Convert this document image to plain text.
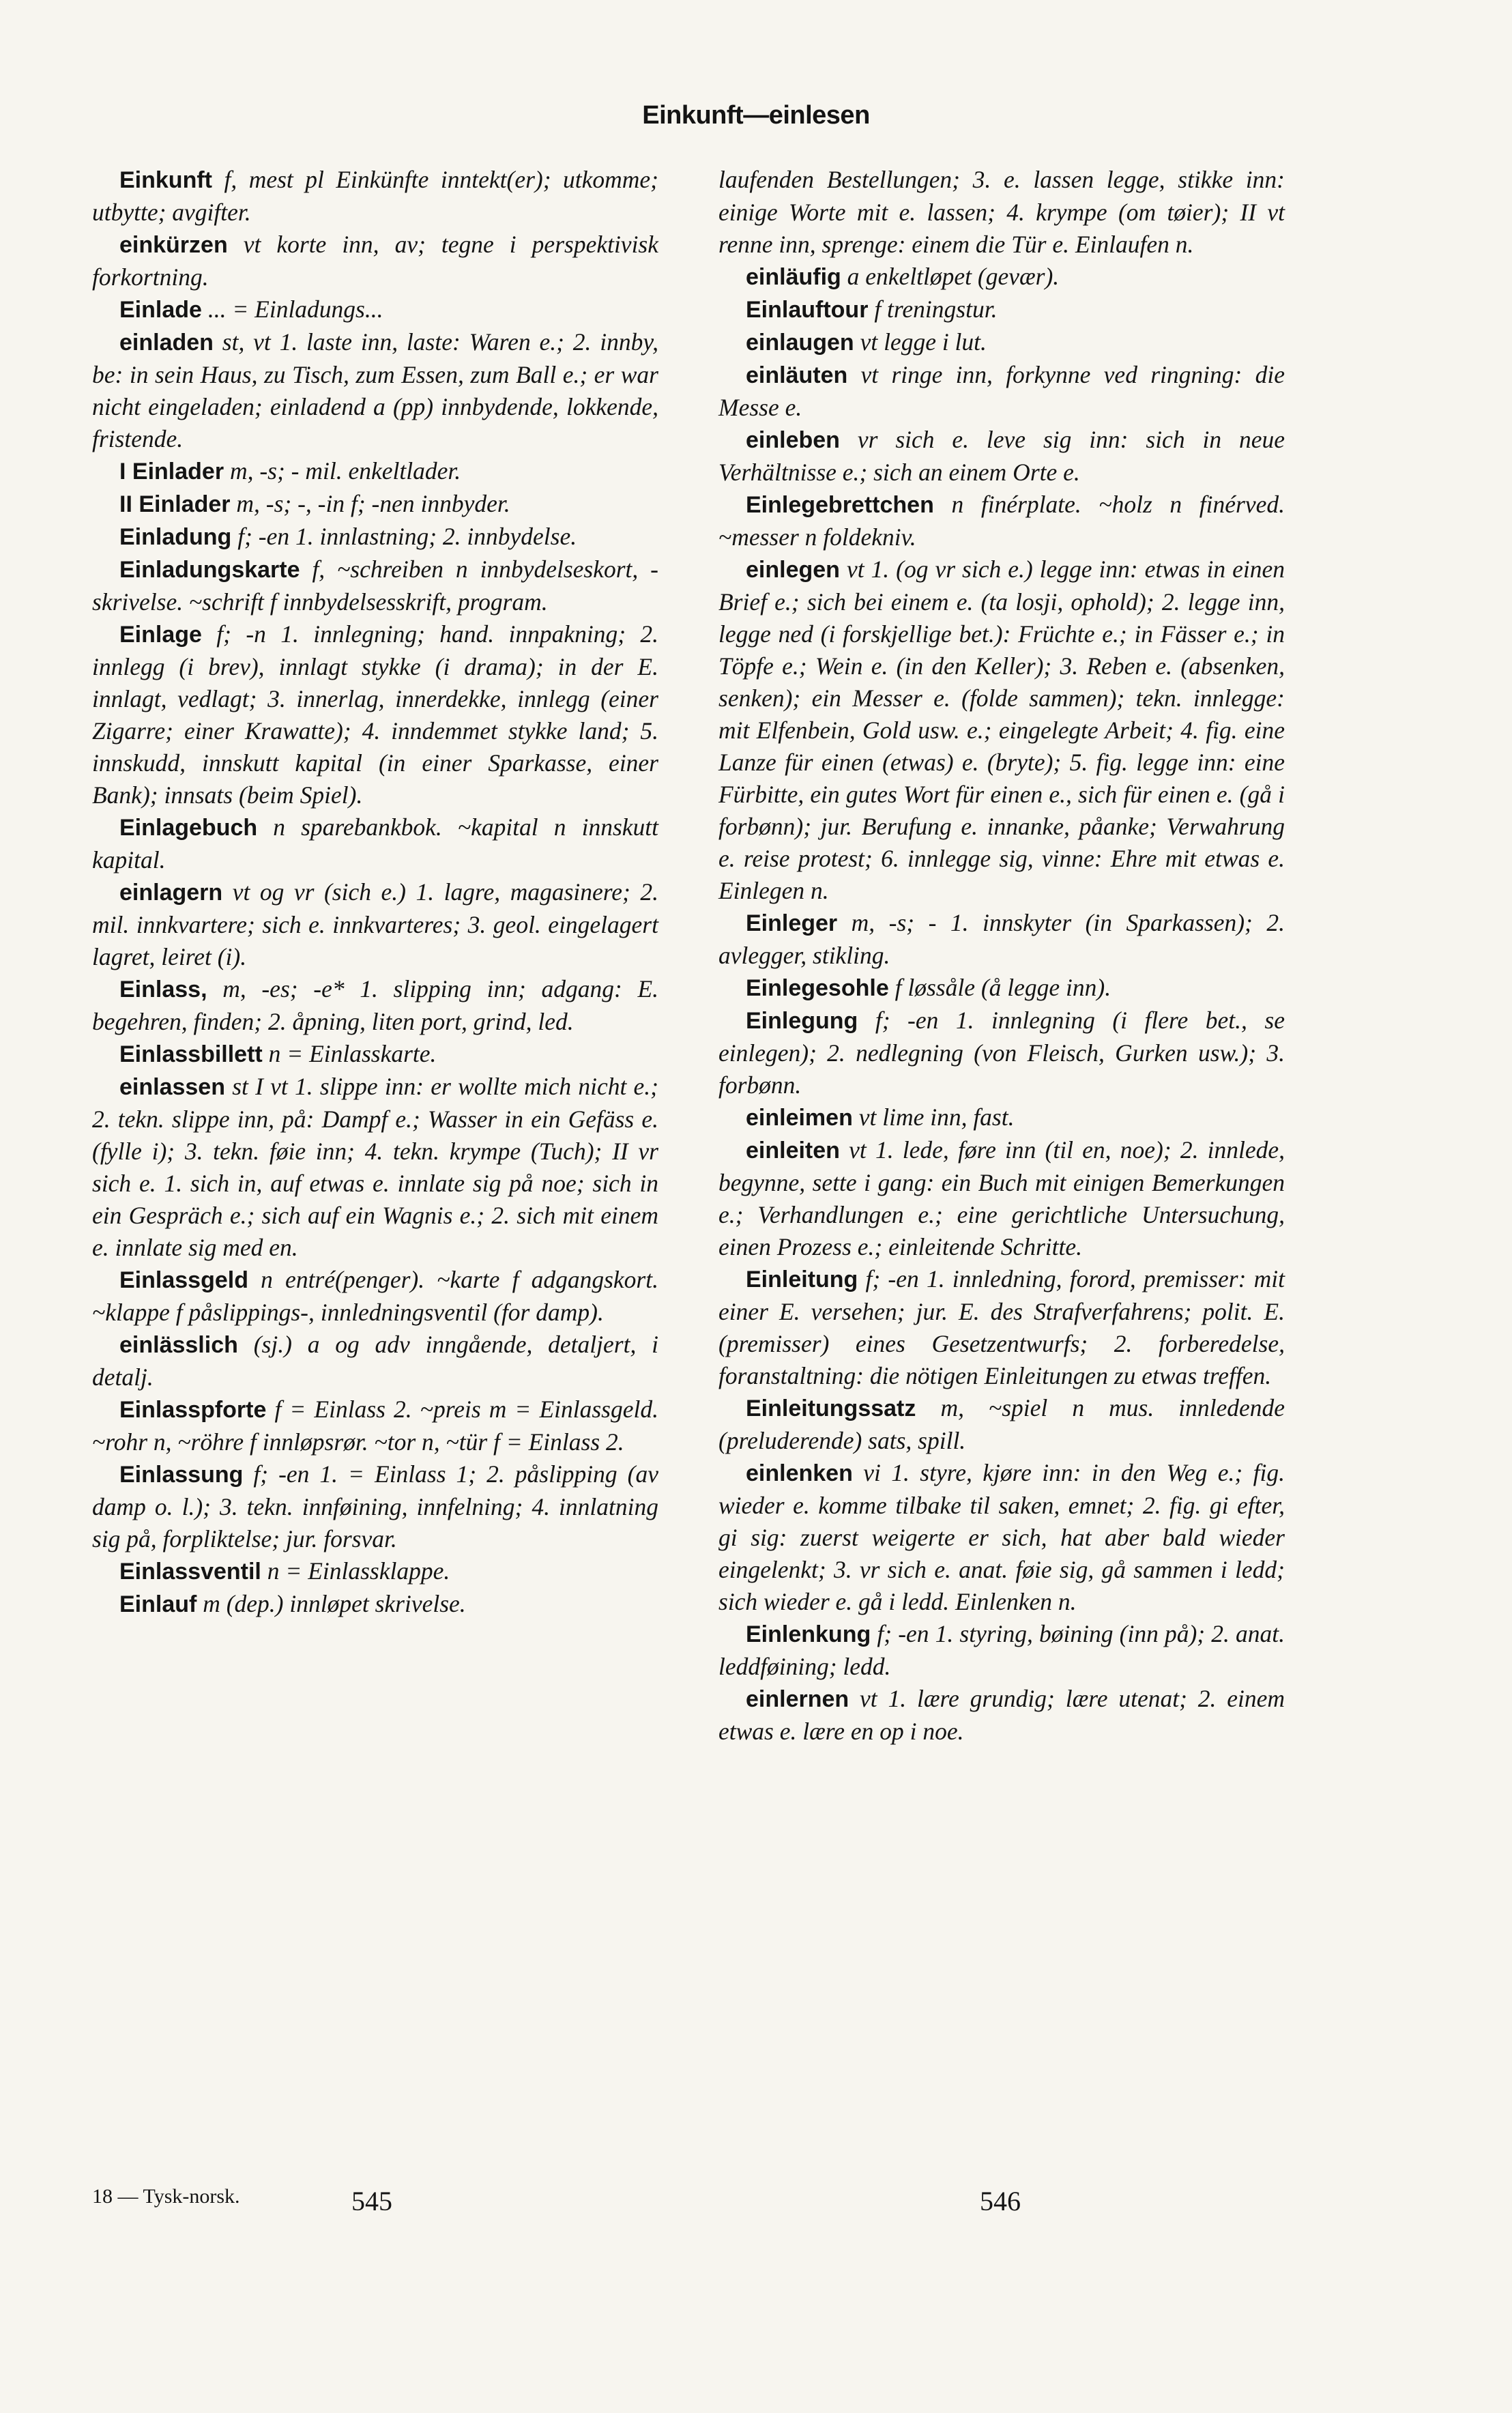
Einkunft—einlesen

Einkunft f, mest pl Einkünfte inntekt(er); utkomme; utbytte; avgifter.

einkürzen vt korte inn, av; tegne i perspektivisk forkortning.

Einlade ... = Einladungs...

einladen st, vt 1. laste inn, laste: Waren e.; 2. innby, be: in sein Haus, zu Tisch, zum Essen, zum Ball e.; er war nicht eingeladen; einladend a (pp) innbydende, lokkende, fristende.

I Einlader m, -s; - mil. enkeltlader.

II Einlader m, -s; -, -in f; -nen innbyder.

Einladung f; -en 1. innlastning; 2. innbydelse.

Einladungskarte f, ~schreiben n innbydelseskort, -skrivelse. ~schrift f innbydelsesskrift, program.

Einlage f; -n 1. innlegning; hand. innpakning; 2. innlegg (i brev), innlagt stykke (i drama); in der E. innlagt, vedlagt; 3. innerlag, innerdekke, innlegg (einer Zigarre; einer Krawatte); 4. inndemmet stykke land; 5. innskudd, innskutt kapital (in einer Sparkasse, einer Bank); innsats (beim Spiel).

Einlagebuch n sparebankbok. ~kapital n innskutt kapital.

einlagern vt og vr (sich e.) 1. lagre, magasinere; 2. mil. innkvartere; sich e. innkvarteres; 3. geol. eingelagert lagret, leiret (i).

Einlass, m, -es; -e* 1. slipping inn; adgang: E. begehren, finden; 2. åpning, liten port, grind, led.

Einlassbillett n = Einlasskarte.

einlassen st I vt 1. slippe inn: er wollte mich nicht e.; 2. tekn. slippe inn, på: Dampf e.; Wasser in ein Gefäss e. (fylle i); 3. tekn. føie inn; 4. tekn. krympe (Tuch); II vr sich e. 1. sich in, auf etwas e. innlate sig på noe; sich in ein Gespräch e.; sich auf ein Wagnis e.; 2. sich mit einem e. innlate sig med en.

Einlassgeld n entré(penger). ~karte f adgangskort. ~klappe f påslippings-, innledningsventil (for damp).

einlässlich (sj.) a og adv inngående, detaljert, i detalj.

Einlasspforte f = Einlass 2. ~preis m = Einlassgeld. ~rohr n, ~röhre f innløpsrør. ~tor n, ~tür f = Einlass 2.

Einlassung f; -en 1. = Einlass 1; 2. påslipping (av damp o. l.); 3. tekn. innføining, innfelning; 4. innlatning sig på, forpliktelse; jur. forsvar.

Einlassventil n = Einlassklappe.

Einlauf m (dep.) innløpet skrivelse.

laufenden Bestellungen; 3. e. lassen legge, stikke inn: einige Worte mit e. lassen; 4. krympe (om tøier); II vt renne inn, sprenge: einem die Tür e. Einlaufen n.

einläufig a enkeltløpet (gevær).

Einlauftour f treningstur.

einlaugen vt legge i lut.

einläuten vt ringe inn, forkynne ved ringning: die Messe e.

einleben vr sich e. leve sig inn: sich in neue Verhältnisse e.; sich an einem Orte e.

Einlegebrettchen n finérplate. ~holz n finérved. ~messer n foldekniv.

einlegen vt 1. (og vr sich e.) legge inn: etwas in einen Brief e.; sich bei einem e. (ta losji, ophold); 2. legge inn, legge ned (i forskjellige bet.): Früchte e.; in Fässer e.; in Töpfe e.; Wein e. (in den Keller); 3. Reben e. (absenken, senken); ein Messer e. (folde sammen); tekn. innlegge: mit Elfenbein, Gold usw. e.; eingelegte Arbeit; 4. fig. eine Lanze für einen (etwas) e. (bryte); 5. fig. legge inn: eine Fürbitte, ein gutes Wort für einen e., sich für einen e. (gå i forbønn); jur. Berufung e. innanke, påanke; Verwahrung e. reise protest; 6. innlegge sig, vinne: Ehre mit etwas e. Einlegen n.

Einleger m, -s; - 1. innskyter (in Sparkassen); 2. avlegger, stikling.

Einlegesohle f løssåle (å legge inn).

Einlegung f; -en 1. innlegning (i flere bet., se einlegen); 2. nedlegning (von Fleisch, Gurken usw.); 3. forbønn.

einleimen vt lime inn, fast.

einleiten vt 1. lede, føre inn (til en, noe); 2. innlede, begynne, sette i gang: ein Buch mit einigen Bemerkungen e.; Verhandlungen e.; eine gerichtliche Untersuchung, einen Prozess e.; einleitende Schritte.

Einleitung f; -en 1. innledning, forord, premisser: mit einer E. versehen; jur. E. des Strafverfahrens; polit. E. (premisser) eines Gesetzentwurfs; 2. forberedelse, foranstaltning: die nötigen Einleitungen zu etwas treffen.

Einleitungssatz m, ~spiel n mus. innledende (preluderende) sats, spill.

einlenken vi 1. styre, kjøre inn: in den Weg e.; fig. wieder e. komme tilbake til saken, emnet; 2. fig. gi efter, gi sig: zuerst weigerte er sich, hat aber bald wieder eingelenkt; 3. vr sich e. anat. føie sig, gå sammen i ledd; sich wieder e. gå i ledd. Einlenken n.

Einlenkung f; -en 1. styring, bøining (inn på); 2. anat. leddføining; ledd.

einlernen vt 1. lære grundig; lære utenat; 2. einem etwas e. lære en op i noe.

18 — Tysk-norsk.	545	546
